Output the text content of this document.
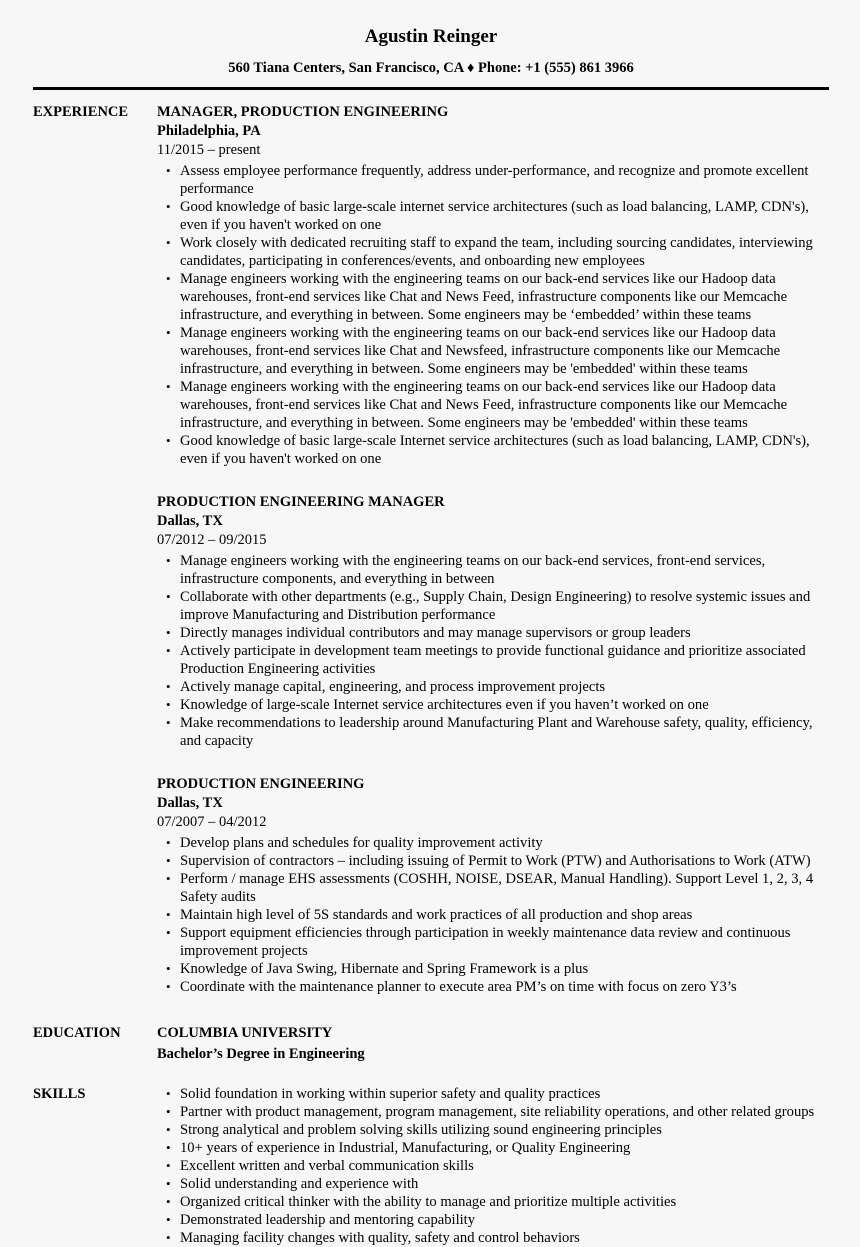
Agustin Reinger
560 Tiana Centers, San Francisco, CA ♦ Phone: +1 (555) 861 3966
EXPERIENCE	MANAGER, PRODUCTION ENGINEERING
Philadelphia, PA
11/2015 – present
• Assess employee performance frequently, address under-performance, and recognize and promote excellent performance
• Good knowledge of basic large-scale internet service architectures (such as load balancing, LAMP, CDN's), even if you haven't worked on one
• Work closely with dedicated recruiting staff to expand the team, including sourcing candidates, interviewing candidates, participating in conferences/events, and onboarding new employees
• Manage engineers working with the engineering teams on our back-end services like our Hadoop data warehouses, front-end services like Chat and News Feed, infrastructure components like our Memcache infrastructure, and everything in between. Some engineers may be ‘embedded’ within these teams
• Manage engineers working with the engineering teams on our back-end services like our Hadoop data warehouses, front-end services like Chat and Newsfeed, infrastructure components like our Memcache infrastructure, and everything in between. Some engineers may be 'embedded' within these teams
• Manage engineers working with the engineering teams on our back-end services like our Hadoop data warehouses, front-end services like Chat and News Feed, infrastructure components like our Memcache infrastructure, and everything in between. Some engineers may be 'embedded' within these teams
• Good knowledge of basic large-scale Internet service architectures (such as load balancing, LAMP, CDN's), even if you haven't worked on one
PRODUCTION ENGINEERING MANAGER
Dallas, TX
07/2012 – 09/2015
• Manage engineers working with the engineering teams on our back-end services, front-end services, infrastructure components, and everything in between
• Collaborate with other departments (e.g., Supply Chain, Design Engineering) to resolve systemic issues and improve Manufacturing and Distribution performance
• Directly manages individual contributors and may manage supervisors or group leaders
• Actively participate in development team meetings to provide functional guidance and prioritize associated Production Engineering activities
• Actively manage capital, engineering, and process improvement projects
• Knowledge of large-scale Internet service architectures even if you haven’t worked on one
• Make recommendations to leadership around Manufacturing Plant and Warehouse safety, quality, efficiency, and capacity
PRODUCTION ENGINEERING
Dallas, TX
07/2007 – 04/2012
• Develop plans and schedules for quality improvement activity
• Supervision of contractors – including issuing of Permit to Work (PTW) and Authorisations to Work (ATW)
• Perform / manage EHS assessments (COSHH, NOISE, DSEAR, Manual Handling). Support Level 1, 2, 3, 4 Safety audits
• Maintain high level of 5S standards and work practices of all production and shop areas
• Support equipment efficiencies through participation in weekly maintenance data review and continuous improvement projects
• Knowledge of Java Swing, Hibernate and Spring Framework is a plus
• Coordinate with the maintenance planner to execute area PM’s on time with focus on zero Y3’s
EDUCATION	COLUMBIA UNIVERSITY
Bachelor’s Degree in Engineering
SKILLS	• Solid foundation in working within superior safety and quality practices
• Partner with product management, program management, site reliability operations, and other related groups
• Strong analytical and problem solving skills utilizing sound engineering principles
• 10+ years of experience in Industrial, Manufacturing, or Quality Engineering
• Excellent written and verbal communication skills
• Solid understanding and experience with
• Organized critical thinker with the ability to manage and prioritize multiple activities
• Demonstrated leadership and mentoring capability
• Managing facility changes with quality, safety and control behaviors
